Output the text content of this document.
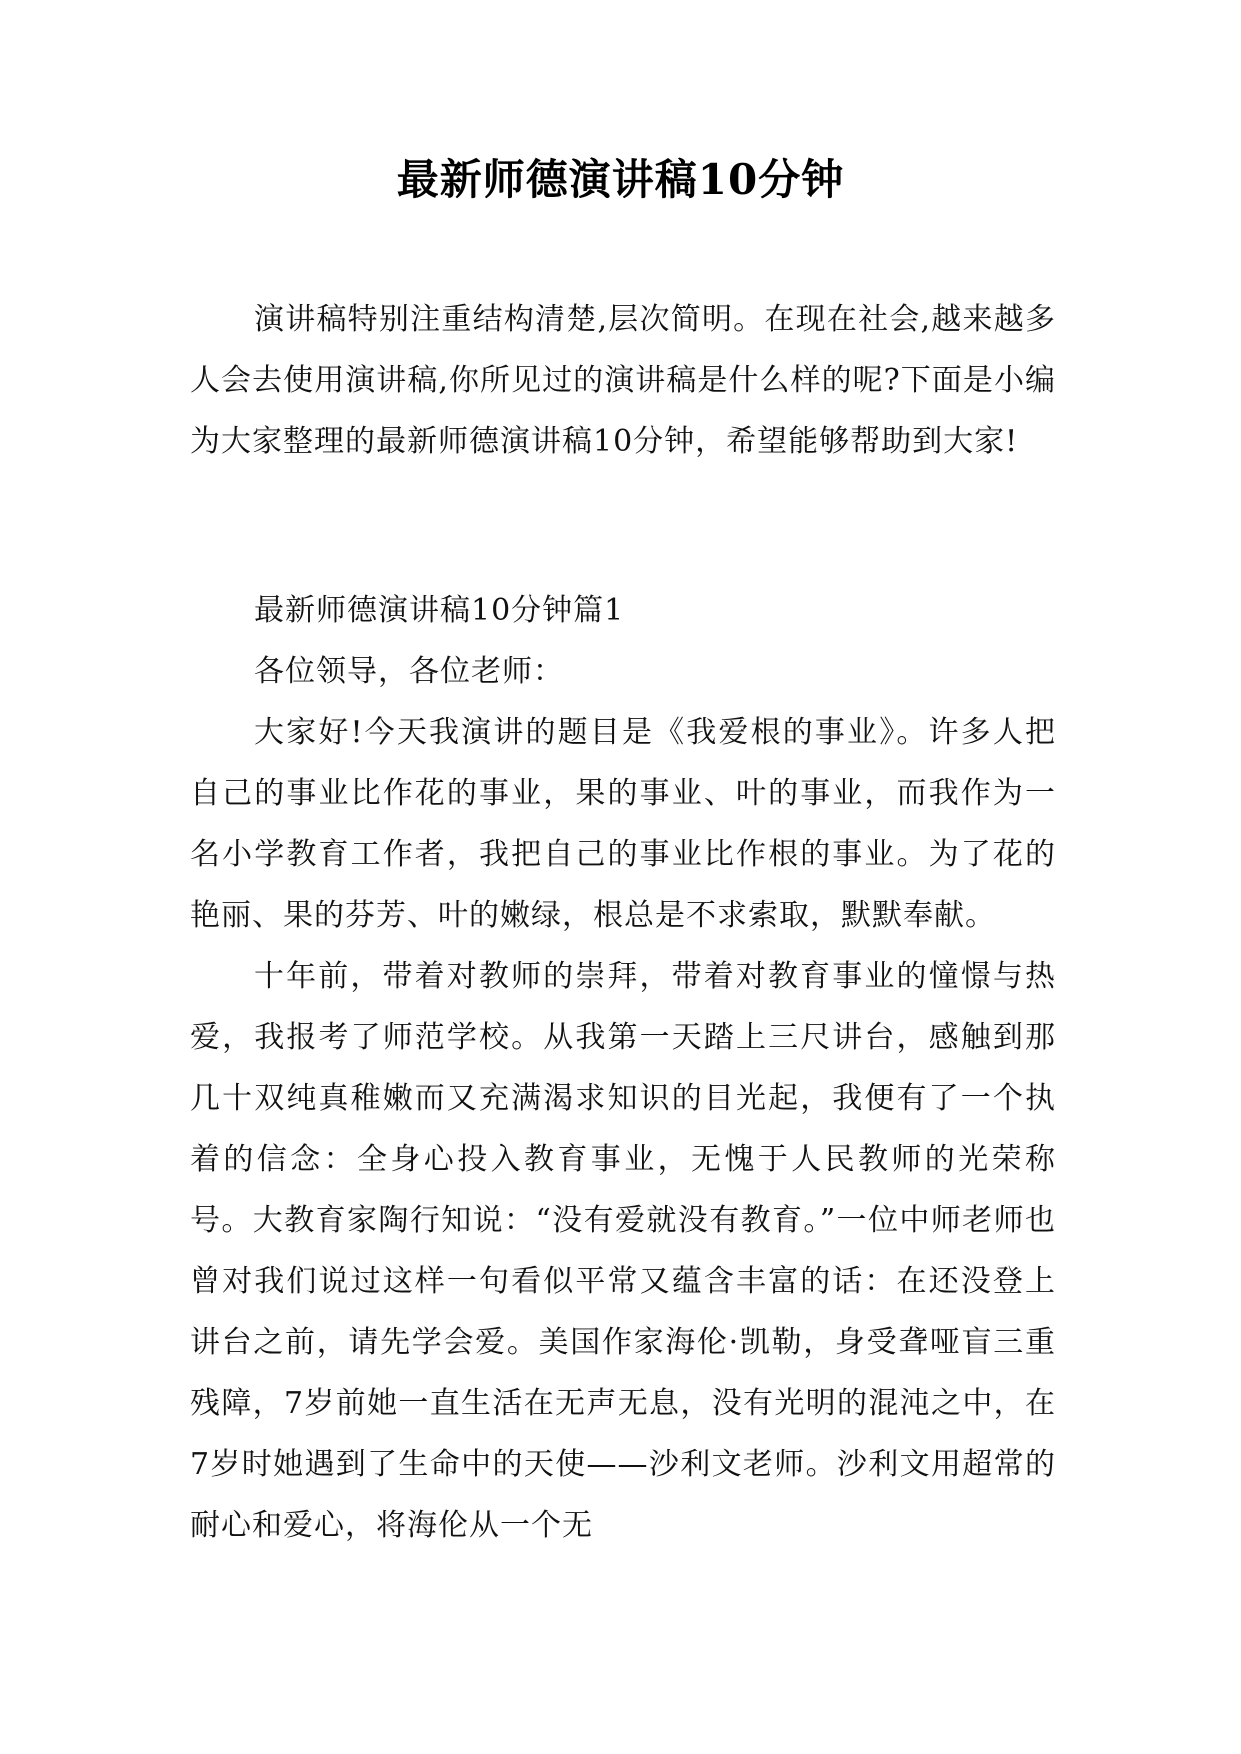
最新师德演讲稿10分钟

演讲稿特别注重结构清楚,层次简明。在现在社会,越来越多人会去使用演讲稿,你所见过的演讲稿是什么样的呢?下面是小编为大家整理的最新师德演讲稿10分钟，希望能够帮助到大家!

最新师德演讲稿10分钟篇1

各位领导，各位老师：

大家好!今天我演讲的题目是《我爱根的事业》。许多人把自己的事业比作花的事业，果的事业、叶的事业，而我作为一名小学教育工作者，我把自己的事业比作根的事业。为了花的艳丽、果的芬芳、叶的嫩绿，根总是不求索取，默默奉献。

十年前，带着对教师的崇拜，带着对教育事业的憧憬与热爱，我报考了师范学校。从我第一天踏上三尺讲台，感触到那几十双纯真稚嫩而又充满渴求知识的目光起，我便有了一个执着的信念：全身心投入教育事业，无愧于人民教师的光荣称号。大教育家陶行知说：“没有爱就没有教育。”一位中师老师也曾对我们说过这样一句看似平常又蕴含丰富的话：在还没登上讲台之前，请先学会爱。美国作家海伦·凯勒，身受聋哑盲三重残障，7岁前她一直生活在无声无息，没有光明的混沌之中，在7岁时她遇到了生命中的天使——沙利文老师。沙利文用超常的耐心和爱心，将海伦从一个无
